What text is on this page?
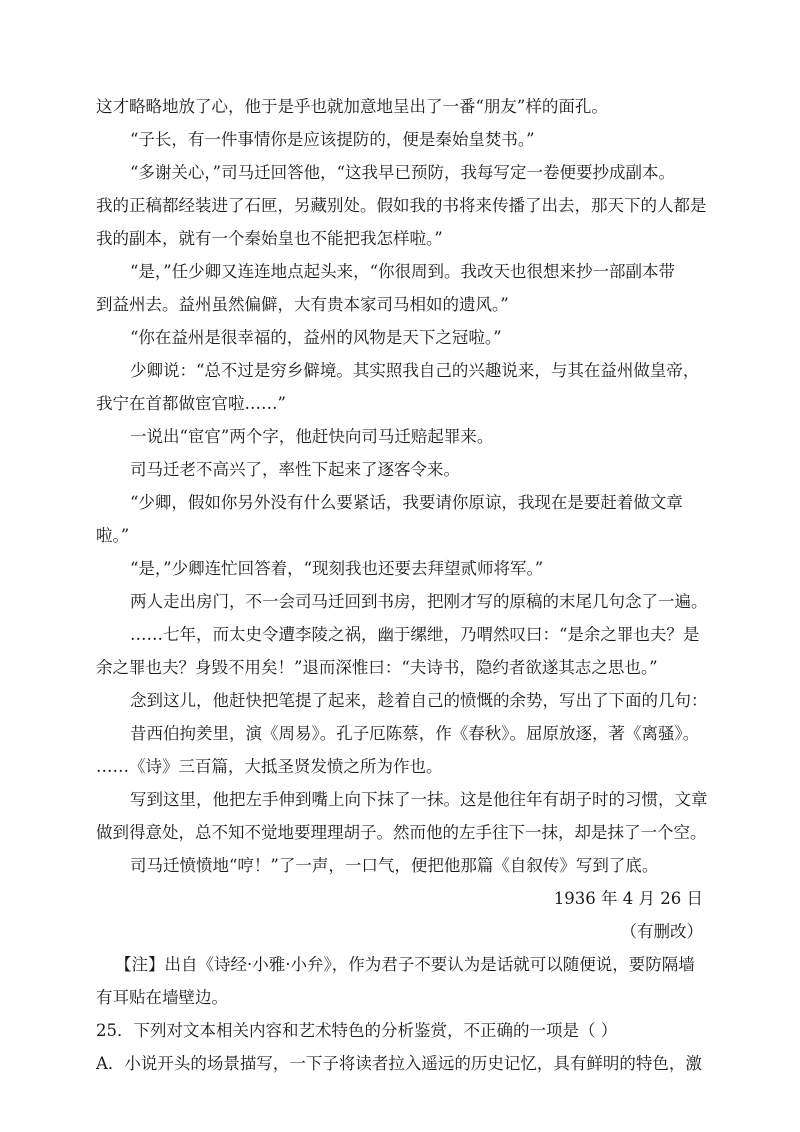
这才略略地放了心，他于是乎也就加意地呈出了一番“朋友”样的面孔。
“子长，有一件事情你是应该提防的，便是秦始皇焚书。”
“多谢关心，”司马迁回答他，“这我早已预防，我每写定一卷便要抄成副本。
我的正稿都经装进了石匣，另藏别处。假如我的书将来传播了出去，那天下的人都是
我的副本，就有一个秦始皇也不能把我怎样啦。”
“是，”任少卿又连连地点起头来，“你很周到。我改天也很想来抄一部副本带
到益州去。益州虽然偏僻，大有贵本家司马相如的遗风。”
“你在益州是很幸福的，益州的风物是天下之冠啦。”
少卿说：“总不过是穷乡僻境。其实照我自己的兴趣说来，与其在益州做皇帝，
我宁在首都做宦官啦……”
一说出“宦官”两个字，他赶快向司马迁赔起罪来。
司马迁老不高兴了，率性下起来了逐客令来。
“少卿，假如你另外没有什么要紧话，我要请你原谅，我现在是要赶着做文章
啦。”
“是，”少卿连忙回答着，“现刻我也还要去拜望贰师将军。”
两人走出房门，不一会司马迁回到书房，把刚才写的原稿的末尾几句念了一遍。
……七年，而太史令遭李陵之祸，幽于缧绁，乃喟然叹曰：“是余之罪也夫？是
余之罪也夫？身毁不用矣！”退而深惟曰：“夫诗书，隐约者欲遂其志之思也。”
念到这儿，他赶快把笔提了起来，趁着自己的愤慨的余势，写出了下面的几句：
昔西伯拘羑里，演《周易》。孔子厄陈蔡，作《春秋》。屈原放逐，著《离骚》。
……《诗》三百篇，大抵圣贤发愤之所为作也。
写到这里，他把左手伸到嘴上向下抹了一抹。这是他往年有胡子时的习惯，文章
做到得意处，总不知不觉地要理理胡子。然而他的左手往下一抹，却是抹了一个空。
司马迁愤愤地“哼！”了一声，一口气，便把他那篇《自叙传》写到了底。
1936 年 4 月 26 日
（有删改）
【注】出自《诗经·小雅·小弁》，作为君子不要认为是话就可以随便说，要防隔墙
有耳贴在墙壁边。
25．下列对文本相关内容和艺术特色的分析鉴赏，不正确的一项是（ ）
A．小说开头的场景描写，一下子将读者拉入遥远的历史记忆，具有鲜明的特色，激
